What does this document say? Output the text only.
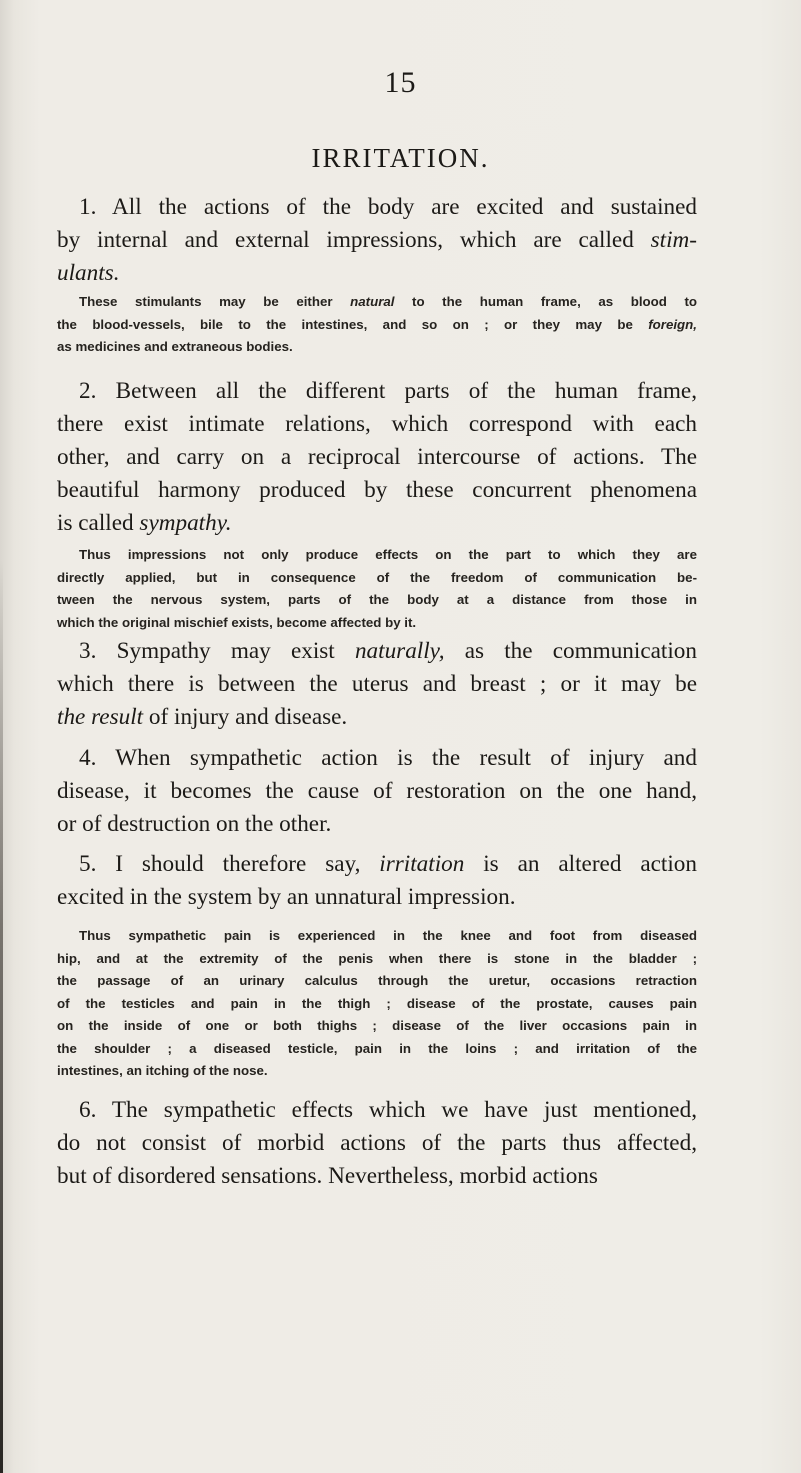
15
IRRITATION.
1. All the actions of the body are excited and sustained
by internal and external impressions, which are called stim-
ulants.
These stimulants may be either natural to the human frame, as blood to
the blood-vessels, bile to the intestines, and so on ; or they may be foreign,
as medicines and extraneous bodies.
2. Between all the different parts of the human frame,
there exist intimate relations, which correspond with each
other, and carry on a reciprocal intercourse of actions. The
beautiful harmony produced by these concurrent phenomena
is called sympathy.
Thus impressions not only produce effects on the part to which they are
directly applied, but in consequence of the freedom of communication be-
tween the nervous system, parts of the body at a distance from those in
which the original mischief exists, become affected by it.
3. Sympathy may exist naturally, as the communication
which there is between the uterus and breast ; or it may be
the result of injury and disease.
4. When sympathetic action is the result of injury and
disease, it becomes the cause of restoration on the one hand,
or of destruction on the other.
5. I should therefore say, irritation is an altered action
excited in the system by an unnatural impression.
Thus sympathetic pain is experienced in the knee and foot from diseased
hip, and at the extremity of the penis when there is stone in the bladder ;
the passage of an urinary calculus through the uretur, occasions retraction
of the testicles and pain in the thigh ; disease of the prostate, causes pain
on the inside of one or both thighs ; disease of the liver occasions pain in
the shoulder ; a diseased testicle, pain in the loins ; and irritation of the
intestines, an itching of the nose.
6. The sympathetic effects which we have just mentioned,
do not consist of morbid actions of the parts thus affected,
but of disordered sensations. Nevertheless, morbid actions
